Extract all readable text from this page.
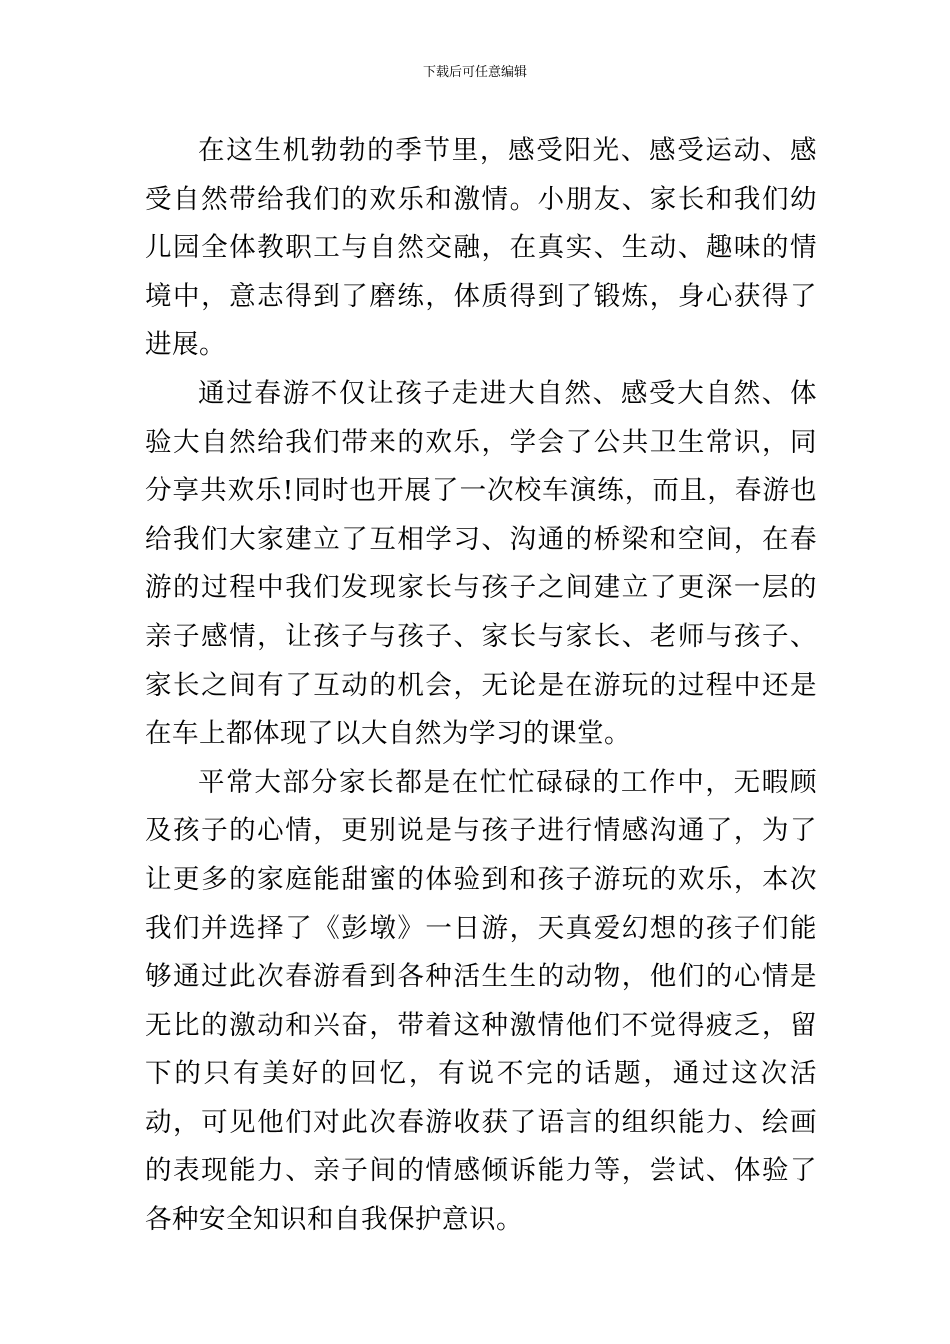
下载后可任意编辑

在这生机勃勃的季节里，感受阳光、感受运动、感受自然带给我们的欢乐和激情。小朋友、家长和我们幼儿园全体教职工与自然交融，在真实、生动、趣味的情境中，意志得到了磨练，体质得到了锻炼，身心获得了进展。

通过春游不仅让孩子走进大自然、感受大自然、体验大自然给我们带来的欢乐，学会了公共卫生常识，同分享共欢乐!同时也开展了一次校车演练，而且，春游也给我们大家建立了互相学习、沟通的桥梁和空间，在春游的过程中我们发现家长与孩子之间建立了更深一层的亲子感情，让孩子与孩子、家长与家长、老师与孩子、家长之间有了互动的机会，无论是在游玩的过程中还是在车上都体现了以大自然为学习的课堂。

平常大部分家长都是在忙忙碌碌的工作中，无暇顾及孩子的心情，更别说是与孩子进行情感沟通了，为了让更多的家庭能甜蜜的体验到和孩子游玩的欢乐，本次我们并选择了《彭墩》一日游，天真爱幻想的孩子们能够通过此次春游看到各种活生生的动物，他们的心情是无比的激动和兴奋，带着这种激情他们不觉得疲乏，留下的只有美好的回忆，有说不完的话题，通过这次活动，可见他们对此次春游收获了语言的组织能力、绘画的表现能力、亲子间的情感倾诉能力等，尝试、体验了各种安全知识和自我保护意识。
